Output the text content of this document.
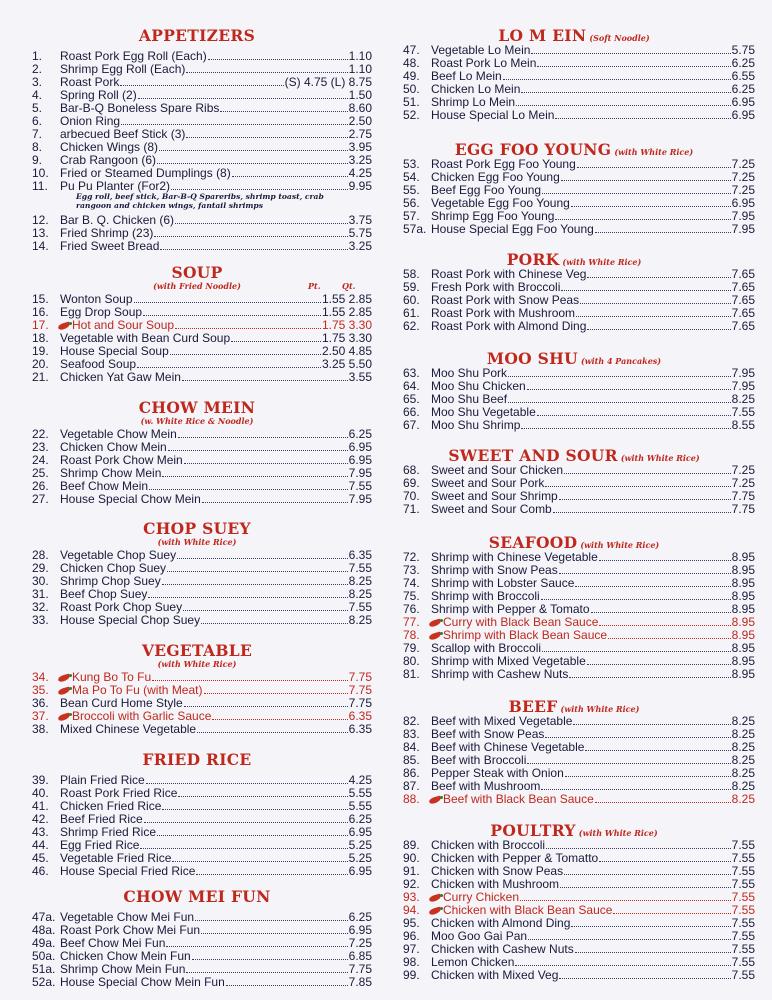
APPETIZERS
1.	Roast Pork Egg Roll (Each)	1.10
2.	Shrimp Egg Roll (Each)	1.10
3.	Roast Pork	(S) 4.75 (L) 8.75
4.	Spring Roll (2)	1.50
5.	Bar-B-Q Boneless Spare Ribs	8.60
6.	Onion Ring	2.50
7.	arbecued Beef Stick (3)	2.75
8.	Chicken Wings (8)	3.95
9.	Crab Rangoon (6)	3.25
10. Fried or Steamed Dumplings (8)	4.25
11.	Pu Pu Planter (For2)	9.95
Egg roll, beef stick, Bar-B-Q Spareribs, shrimp toast, crab rangoon and chicken wings, fantail shrimps
12. Bar B. Q. Chicken (6)	3.75
13. Fried Shrimp (23)	5.75
14. Fried Sweet Bread	3.25
(with Fried Noodle)
SOUP
Pt.	Qt.
15. Wonton Soup	1.55 2.85
16. Egg Drop Soup	1.55 2.85
17.	Hot and Sour Soup	1.75 3.30
18. Vegetable with Bean Curd Soup	1.75 3.30
19. House Special Soup	2.50 4.85
20. Seafood Soup	3.25 5.50
21. Chicken Yat Gaw Mein	3.55
(w. White Rice & Noodle)
CHOW MEIN
22. Vegetable Chow Mein	6.25
23. Chicken Chow Mein	6.95
24. Roast Pork Chow Mein	6.95
25. Shrimp Chow Mein	7.95
26. Beef Chow Mein	7.55
27. House Special Chow Mein	7.95
(with White Rice)
CHOP SUEY
28. Vegetable Chop Suey	6.35
29. Chicken Chop Suey	7.55
30. Shrimp Chop Suey	8.25
31. Beef Chop Suey	8.25
32. Roast Pork Chop Suey	7.55
33. House Special Chop Suey	8.25
(with White Rice)
VEGETABLE
34.	Kung Bo To Fu	7.75
35.	Ma Po To Fu (with Meat)	7.75
36. Bean Curd Home Style	7.75
37.	Broccoli with Garlic Sauce	6.35
38. Mixed Chinese Vegetable	6.35
FRIED RICE
39. Plain Fried Rice	4.25
40. Roast Pork Fried Rice	5.55
41. Chicken Fried Rice	5.55
42. Beef Fried Rice	6.25
43. Shrimp Fried Rice	6.95
44. Egg Fried Rice	5.25
45. Vegetable Fried Rice	5.25
46. House Special Fried Rice	6.95
CHOW MEI FUN
47a. Vegetable Chow Mei Fun	6.25
48a. Roast Pork Chow Mei Fun	6.95
49a. Beef Chow Mei Fun	7.25
50a. Chicken Chow Mein Fun	6.85
51a. Shrimp Chow Mein Fun	7.75
52a. House Special Chow Mein Fun	7.85
LO M EIN (Soft Noodle)
47. Vegetable Lo Mein	5.75
48. Roast Pork Lo Mein	6.25
49. Beef Lo Mein	6.55
50. Chicken Lo Mein	6.25
51. Shrimp Lo Mein	6.95
52. House Special Lo Mein	6.95
EGG FOO YOUNG (with White Rice)
53. Roast Pork Egg Foo Young	7.25
54. Chicken Egg Foo Young	7.25
55. Beef Egg Foo Young	7.25
56. Vegetable Egg Foo Young	6.95
57. Shrimp Egg Foo Young	7.95
57a. House Special Egg Foo Young	7.95
PORK (with White Rice)
58. Roast Pork with Chinese Veg	7.65
59. Fresh Pork with Broccoli	7.65
60. Roast Pork with Snow Peas	7.65
61. Roast Pork with Mushroom	7.65
62. Roast Pork with Almond Ding	7.65
MOO SHU (with 4 Pancakes)
63. Moo Shu Pork	7.95
64. Moo Shu Chicken	7.95
65. Moo Shu Beef	8.25
66. Moo Shu Vegetable	7.55
67. Moo Shu Shrimp	8.55
SWEET AND SOUR (with White Rice)
68. Sweet and Sour Chicken	7.25
69. Sweet and Sour Pork	7.25
70. Sweet and Sour Shrimp	7.75
71. Sweet and Sour Comb	7.75
SEAFOOD (with White Rice)
72. Shrimp with Chinese Vegetable	8.95
73. Shrimp with Snow Peas	8.95
74. Shrimp with Lobster Sauce	8.95
75. Shrimp with Broccoli	8.95
76. Shrimp with Pepper & Tomato	8.95
77.	Curry with Black Bean Sauce	8.95
78.	Shrimp with Black Bean Sauce	8.95
79. Scallop with Broccoli	8.95
80. Shrimp with Mixed Vegetable	8.95
81. Shrimp with Cashew Nuts	8.95
BEEF (with White Rice)
82. Beef with Mixed Vegetable	8.25
83. Beef with Snow Peas	8.25
84. Beef with Chinese Vegetable	8.25
85. Beef with Broccoli	8.25
86. Pepper Steak with Onion	8.25
87. Beef with Mushroom	8.25
88.	Beef with Black Bean Sauce	8.25
POULTRY (with White Rice)
89. Chicken with Broccoli	7.55
90. Chicken with Pepper & Tomatto	7.55
91. Chicken with Snow Peas	7.55
92. Chicken with Mushroom	7.55
93.	Curry Chicken	7.55
94.	Chicken with Black Bean Sauce	7.55
95. Chicken with Almond Ding	7.55
96. Moo Goo Gai Pan	7.55
97. Chicken with Cashew Nuts	7.55
98. Lemon Chicken	7.55
99. Chicken with Mixed Veg	7.55
